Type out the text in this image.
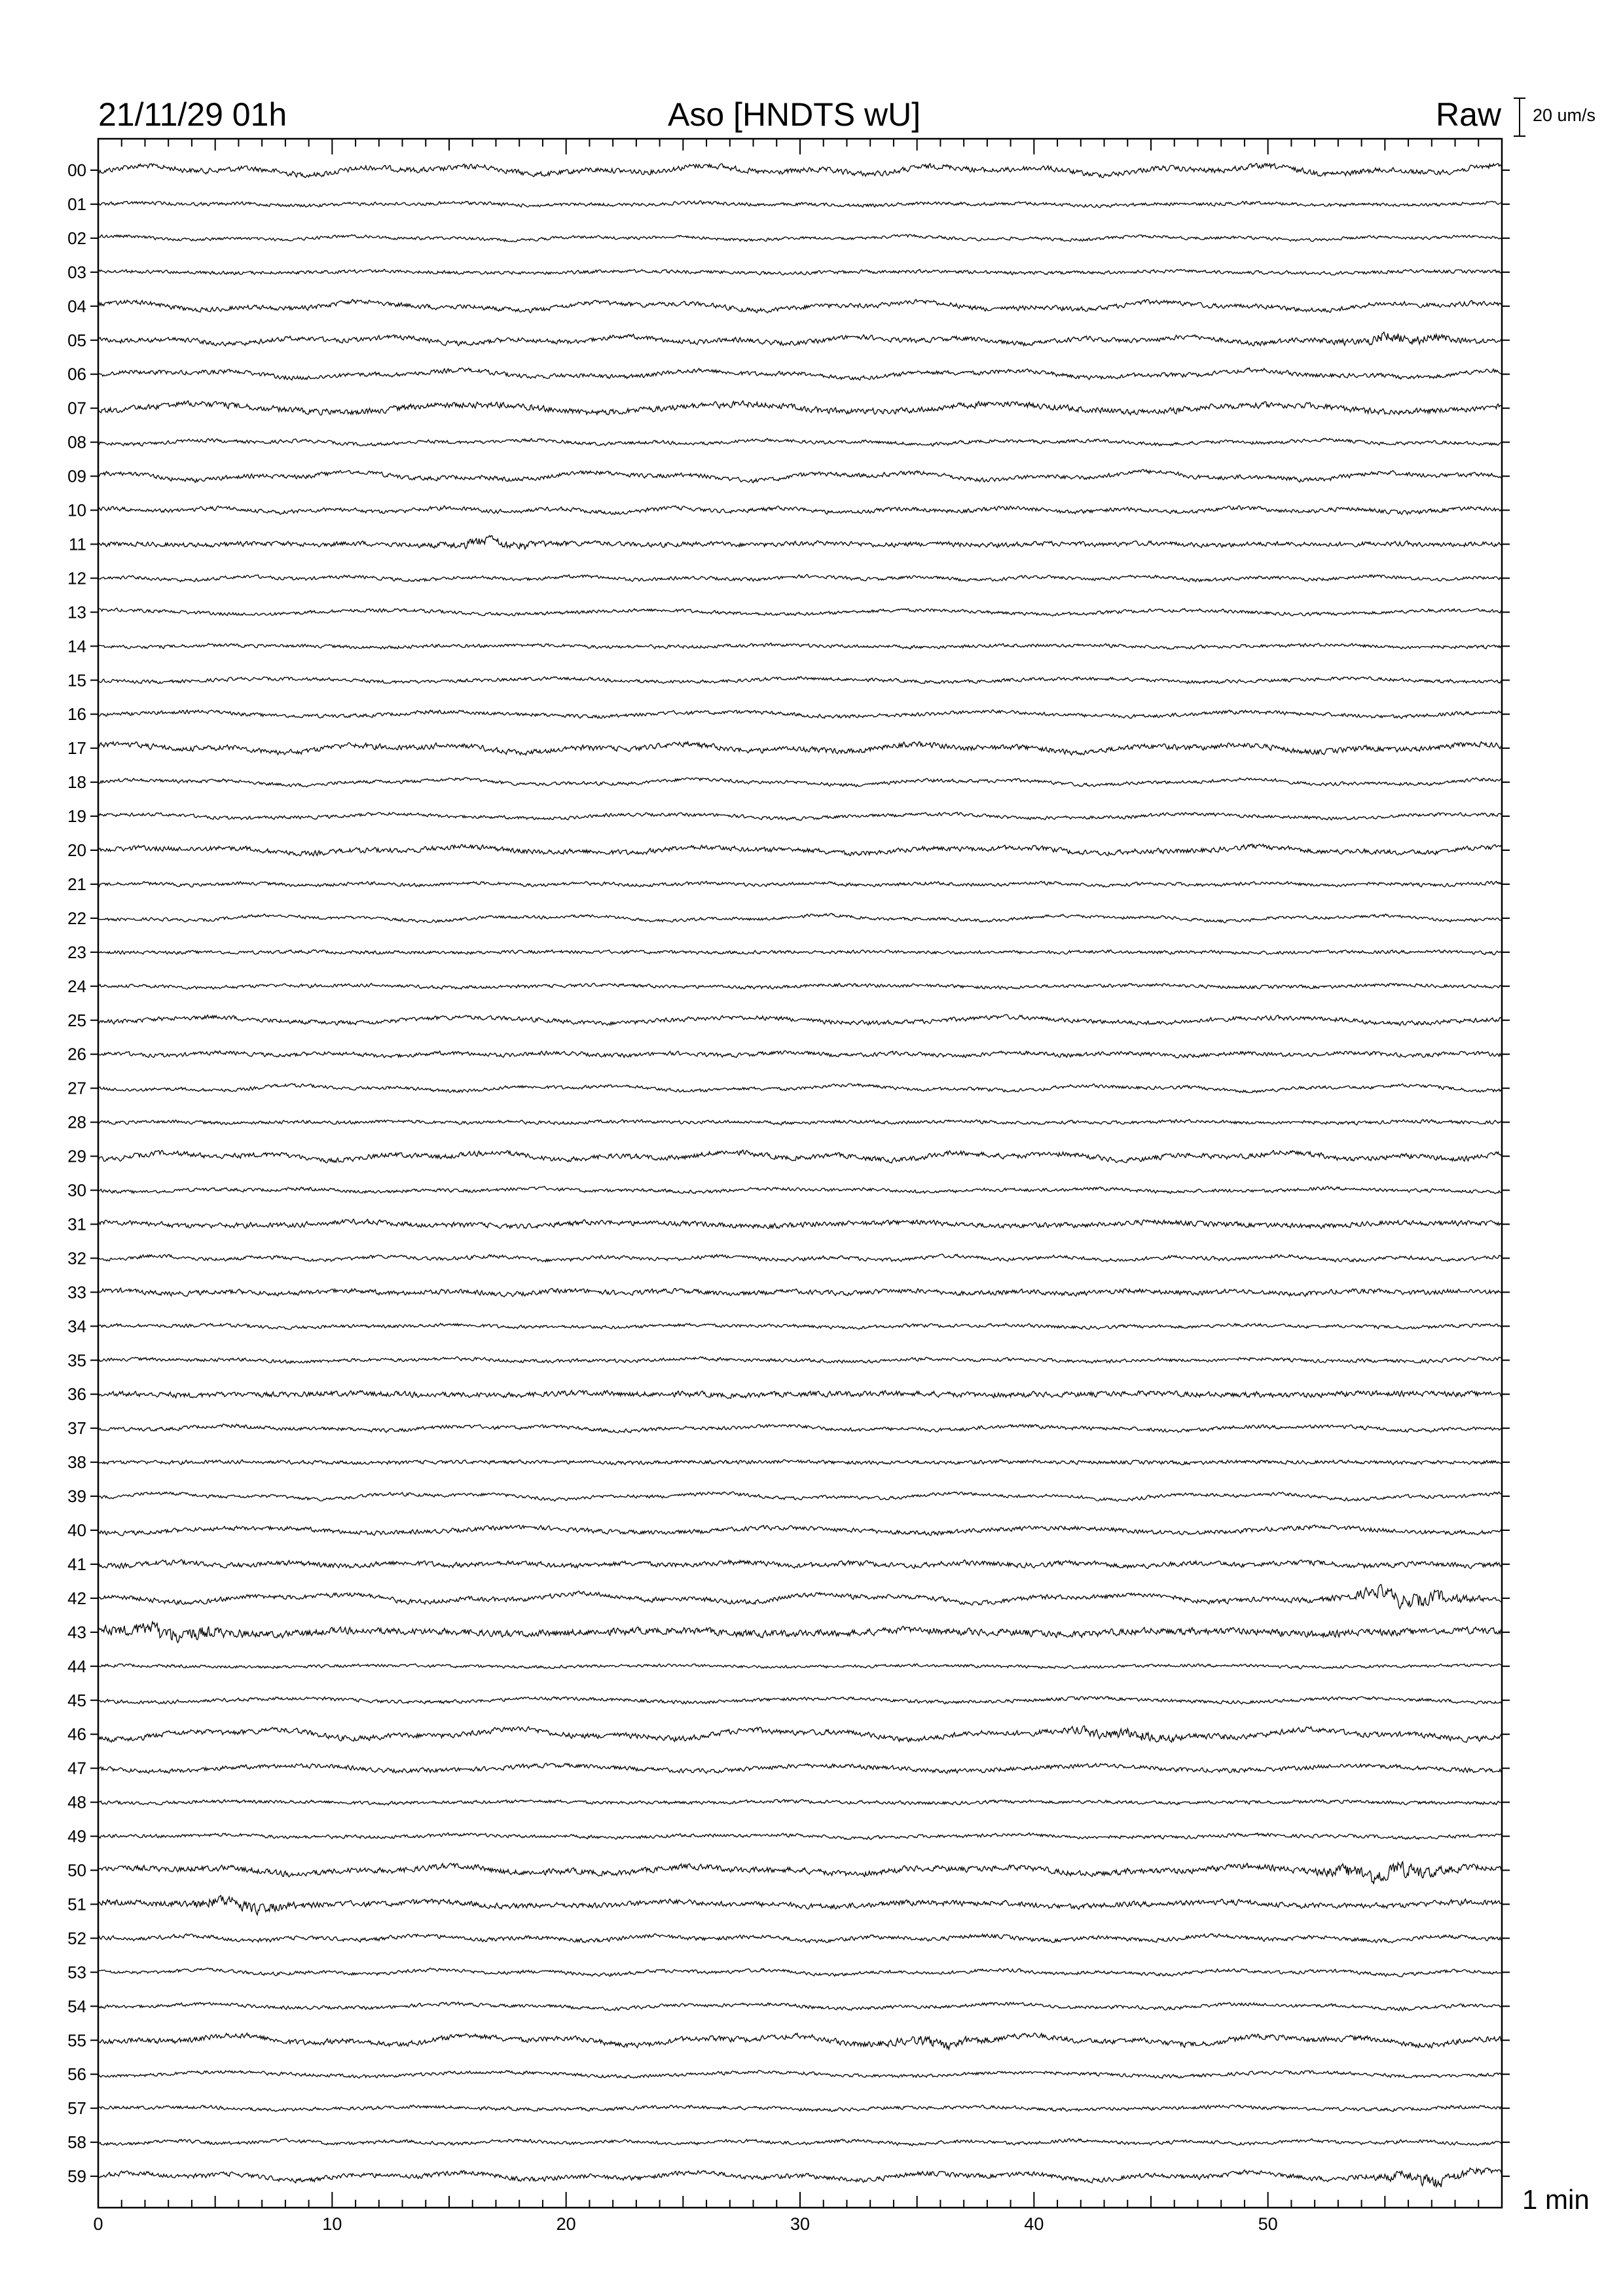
00
01
02
03
04
05
06
07
08
09
10
11
12
13
14
15
16
17
18
19
20
21
22
23
24
25
26
27
28
29
30
31
32
33
34
35
36
37
38
39
40
41
42
43
44
45
46
47
48
49
50
51
52
53
54
55
56
57
58
59
0	10	20	30	40	50
21/11/29 01h	Aso [HNDTS wU]	Raw 20 um/s
1 min
